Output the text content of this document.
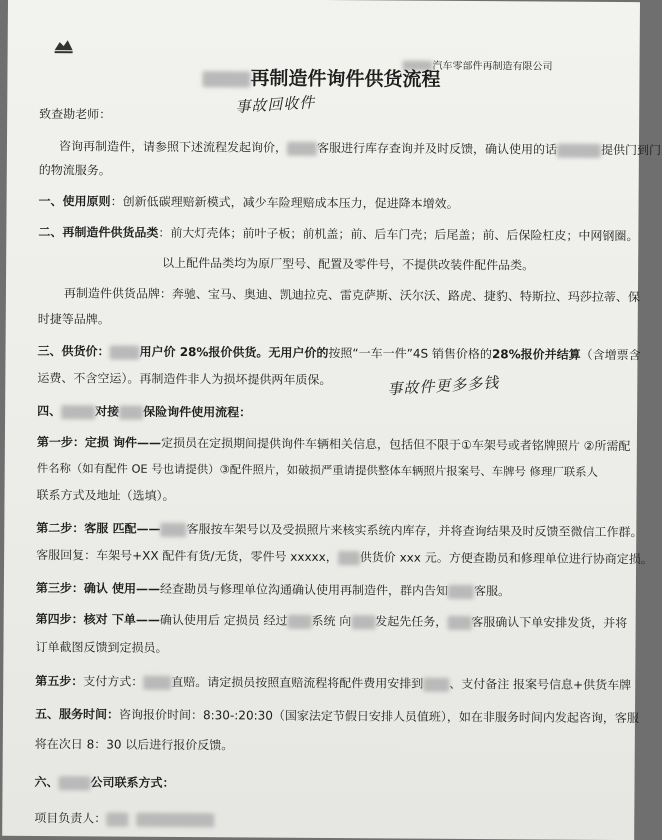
汽车零部件再制造有限公司
再制造件询件供货流程
事故回收件
致查勘老师：
咨询再制造件，请参照下述流程发起询价， 客服进行库存查询并及时反馈，确认使用的话	提供门到门
的物流服务。
一、使用原则：创新低碳理赔新模式，减少车险理赔成本压力，促进降本增效。
二、再制造件供货品类：前大灯壳体；前叶子板；前机盖；前、后车门壳；后尾盖；前、后保险杠皮；中网钢圈。
以上配件品类均为原厂型号、配置及零件号，不提供改装件配件品类。
再制造件供货品牌：奔驰、宝马、奥迪、凯迪拉克、雷克萨斯、沃尔沃、路虎、捷豹、特斯拉、玛莎拉蒂、保
时捷等品牌。
三、供货价： 用户价 28%报价供货。无用户价的按照“一车一件”4S 销售价格的28%报价并结算（含增票含
运费、不含空运）。再制造件非人为损坏提供两年质保。	事故件更多多钱
四、	对接 保险询件使用流程：
第一步：定损 询件——定损员在定损期间提供询件车辆相关信息，包括但不限于①车架号或者铭牌照片 ②所需配
件名称（如有配件 OE 号也请提供）③配件照片，如破损严重请提供整体车辆照片报案号、车牌号 修理厂联系人
联系方式及地址（选填）。
第二步：客服 匹配—— 客服按车架号以及受损照片来核实系统内库存，并将查询结果及时反馈至微信工作群。
客服回复：车架号+XX 配件有货/无货，零件号 xxxxx， 供货价 xxx 元。方便查勘员和修理单位进行协商定损。
第三步：确认 使用——经查勘员与修理单位沟通确认使用再制造件，群内告知 客服。
第四步：核对 下单——确认使用后 定损员 经过 系统 向 发起先任务， 客服确认下单安排发货，并将
订单截图反馈到定损员。
第五步：支付方式： 直赔。请定损员按照直赔流程将配件费用安排到 、支付备注 报案号信息+供货车牌
五、服务时间：咨询报价时间：8:30-:20:30（国家法定节假日安排人员值班），如在非服务时间内发起咨询，客服
将在次日 8：30 以后进行报价反馈。
六、	公司联系方式：
项目负责人：
